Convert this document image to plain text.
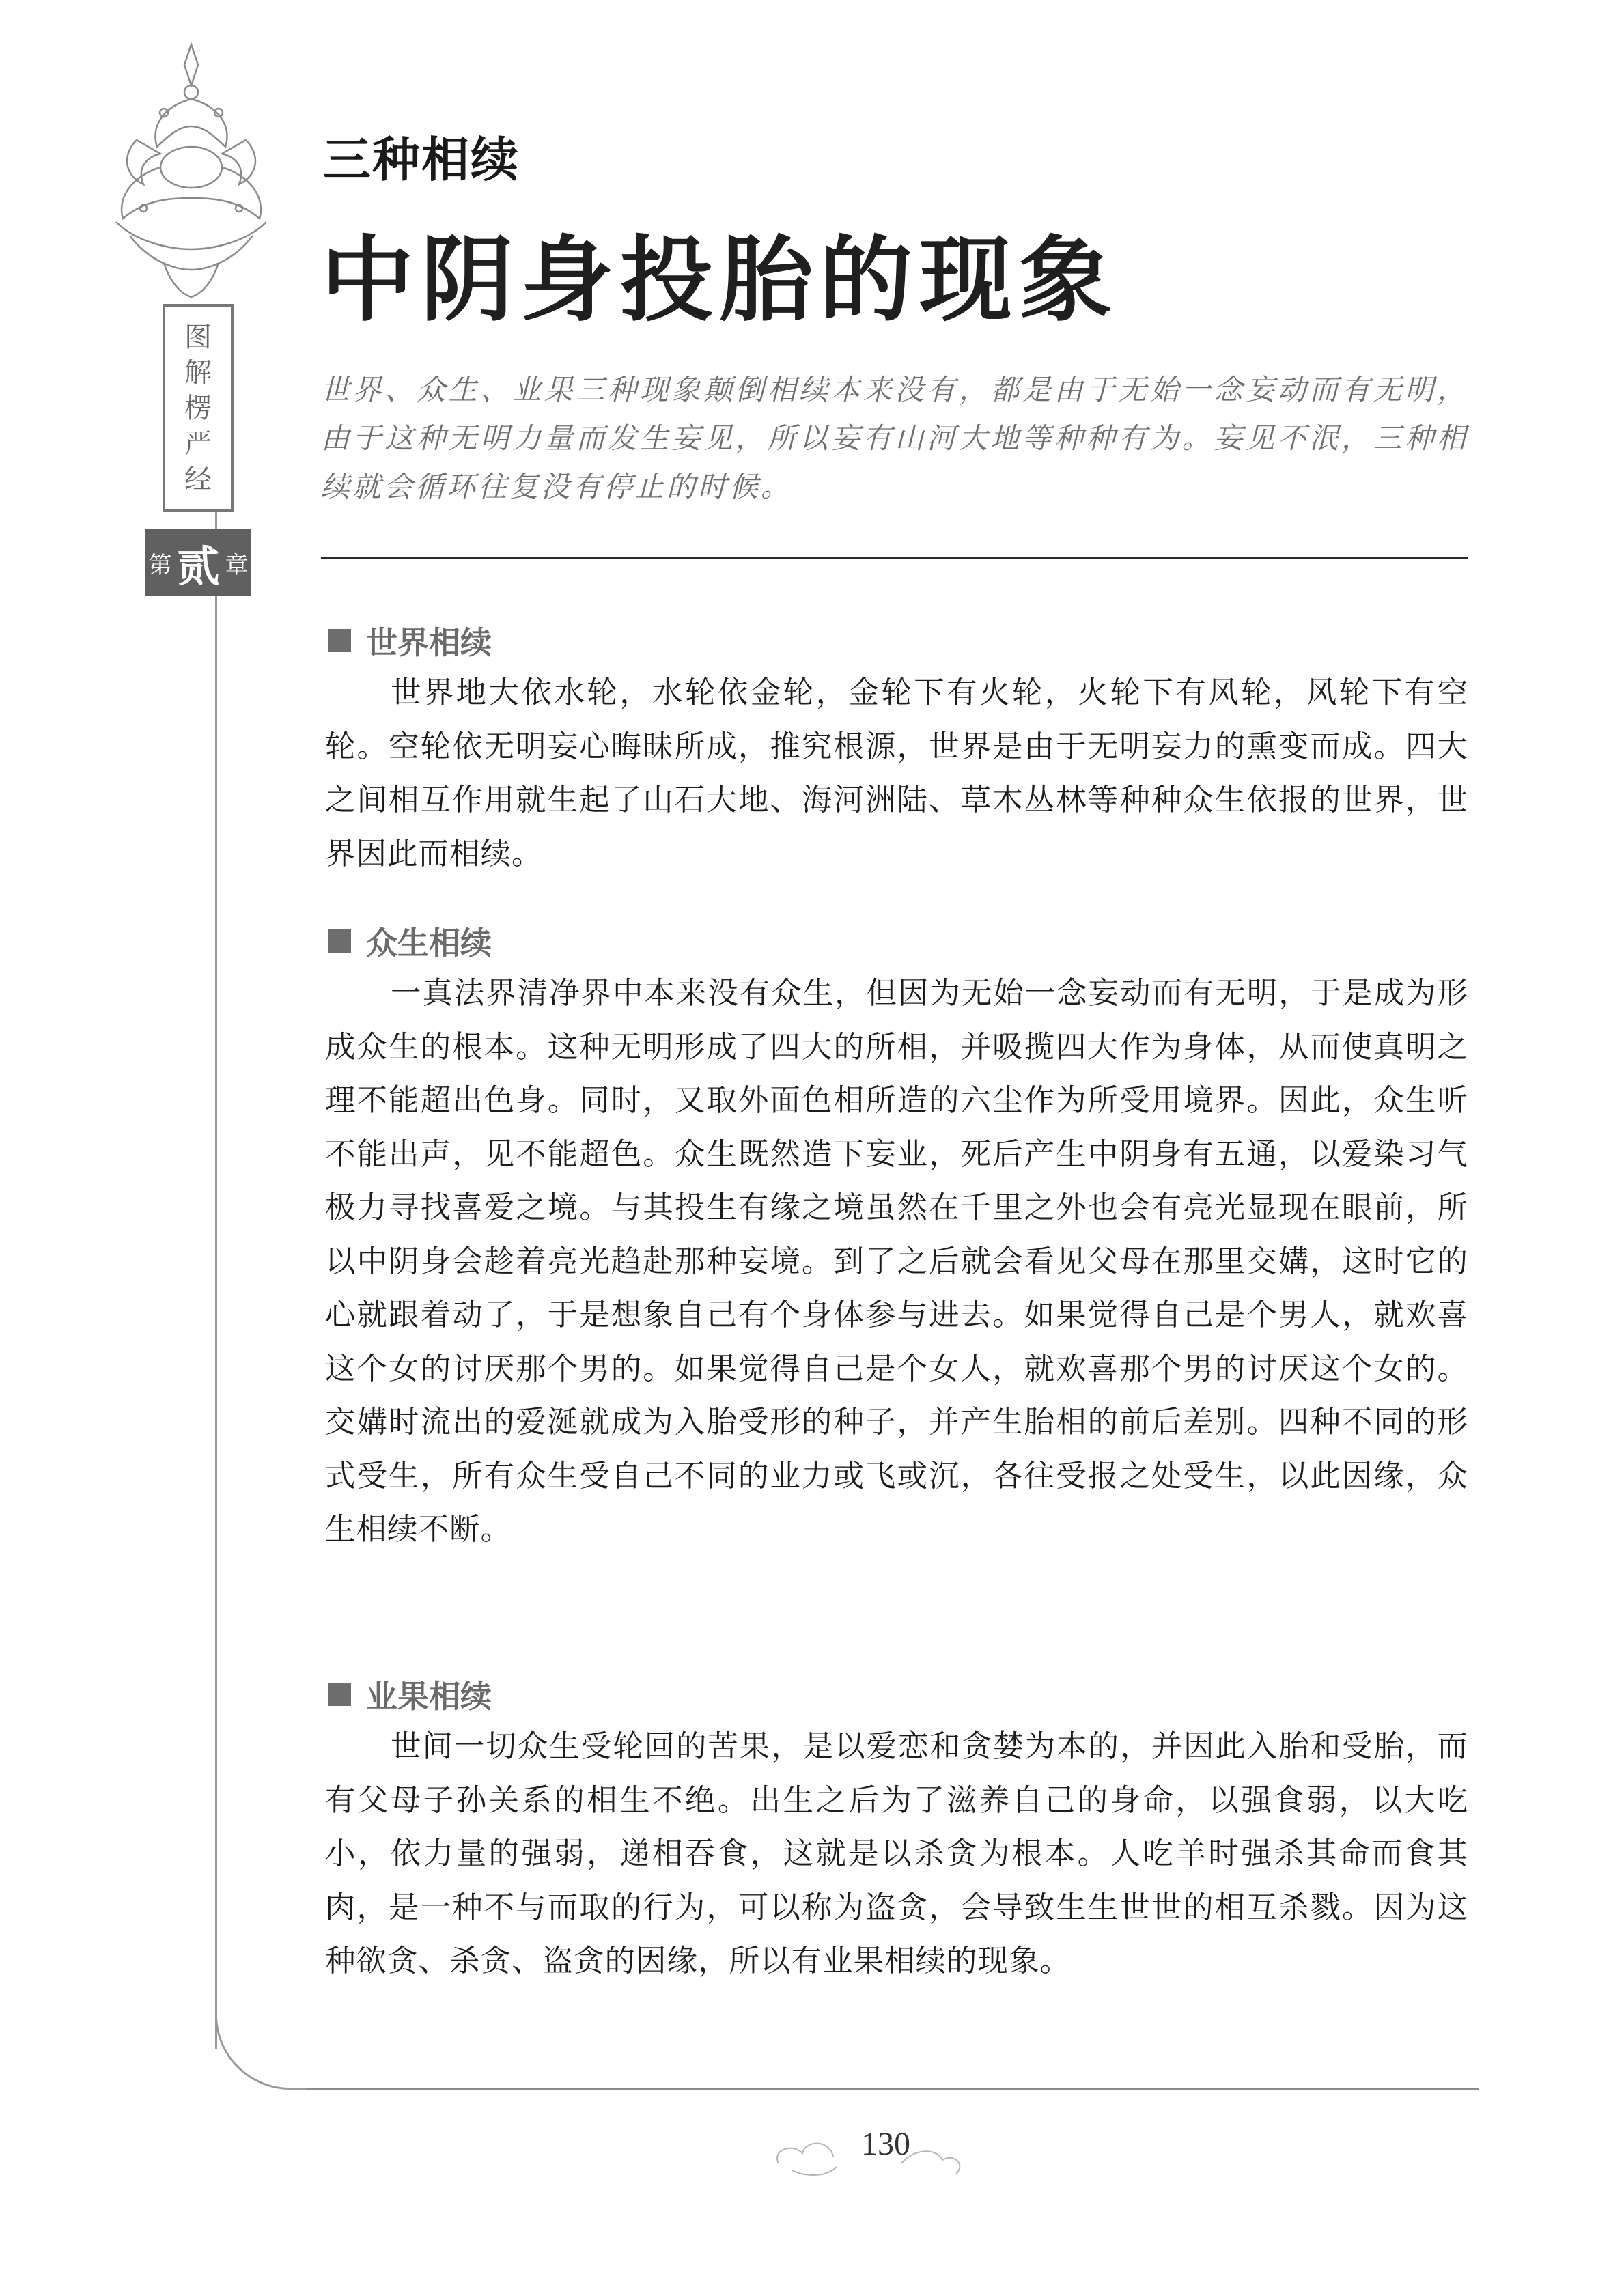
图
解
楞
严
经
第 贰 章
三种相续
中阴身投胎的现象
世界、众生、业果三种现象颠倒相续本来没有，都是由于无始一念妄动而有无明，由于这种无明力量而发生妄见，所以妄有山河大地等种种有为。妄见不泯，三种相续就会循环往复没有停止的时候。
世界相续
世界地大依水轮，水轮依金轮，金轮下有火轮，火轮下有风轮，风轮下有空轮。空轮依无明妄心晦昧所成，推究根源，世界是由于无明妄力的熏变而成。四大之间相互作用就生起了山石大地、海河洲陆、草木丛林等种种众生依报的世界，世界因此而相续。
众生相续
一真法界清净界中本来没有众生，但因为无始一念妄动而有无明，于是成为形成众生的根本。这种无明形成了四大的所相，并吸揽四大作为身体，从而使真明之理不能超出色身。同时，又取外面色相所造的六尘作为所受用境界。因此，众生听不能出声，见不能超色。众生既然造下妄业，死后产生中阴身有五通，以爱染习气极力寻找喜爱之境。与其投生有缘之境虽然在千里之外也会有亮光显现在眼前，所以中阴身会趁着亮光趋赴那种妄境。到了之后就会看见父母在那里交媾，这时它的心就跟着动了，于是想象自己有个身体参与进去。如果觉得自己是个男人，就欢喜这个女的讨厌那个男的。如果觉得自己是个女人，就欢喜那个男的讨厌这个女的。交媾时流出的爱涎就成为入胎受形的种子，并产生胎相的前后差别。四种不同的形式受生，所有众生受自己不同的业力或飞或沉，各往受报之处受生，以此因缘，众生相续不断。
业果相续
世间一切众生受轮回的苦果，是以爱恋和贪婪为本的，并因此入胎和受胎，而有父母子孙关系的相生不绝。出生之后为了滋养自己的身命，以强食弱，以大吃小，依力量的强弱，递相吞食，这就是以杀贪为根本。人吃羊时强杀其命而食其肉，是一种不与而取的行为，可以称为盗贪，会导致生生世世的相互杀戮。因为这种欲贪、杀贪、盗贪的因缘，所以有业果相续的现象。
130
